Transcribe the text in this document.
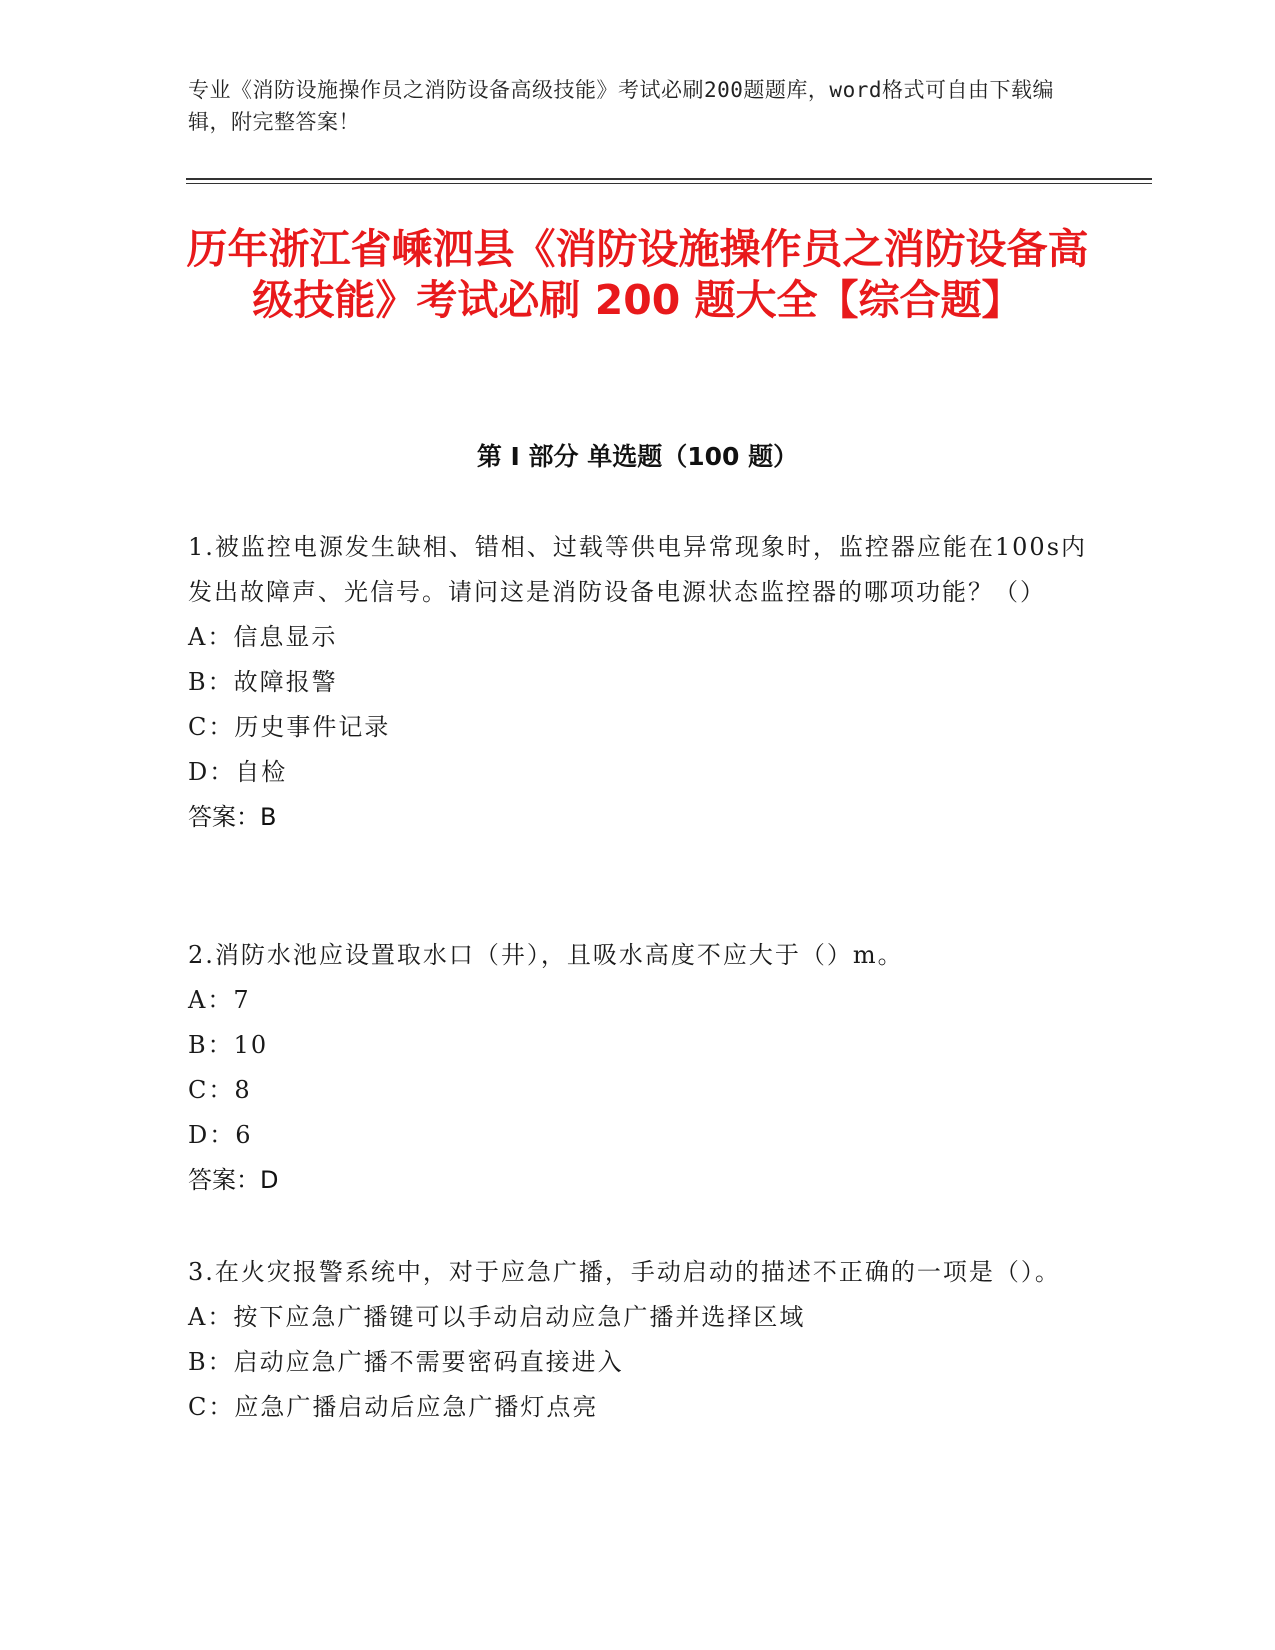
专业《消防设施操作员之消防设备高级技能》考试必刷200题题库，word格式可自由下载编辑，附完整答案！
历年浙江省嵊泗县《消防设施操作员之消防设备高级技能》考试必刷 200 题大全【综合题】
第 I 部分 单选题（100 题）

1.被监控电源发生缺相、错相、过载等供电异常现象时，监控器应能在100s内发出故障声、光信号。请问这是消防设备电源状态监控器的哪项功能？（）

A：信息显示

B：故障报警

C：历史事件记录

D：自检

答案：B

2.消防水池应设置取水口（井），且吸水高度不应大于（）m。

A：7

B：10

C：8

D：6

答案：D

3.在火灾报警系统中，对于应急广播，手动启动的描述不正确的一项是（）。

A：按下应急广播键可以手动启动应急广播并选择区域

B：启动应急广播不需要密码直接进入

C：应急广播启动后应急广播灯点亮
